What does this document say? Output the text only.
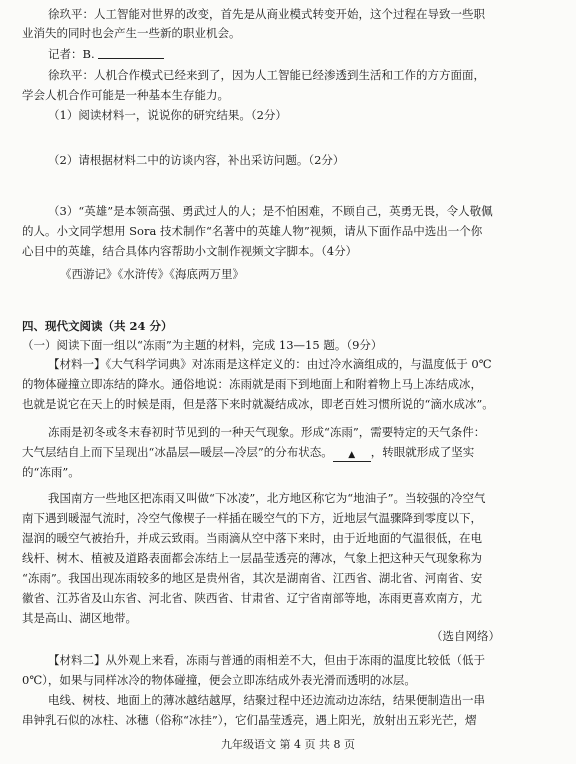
徐玖平：人工智能对世界的改变，首先是从商业模式转变开始，这个过程在导致一些职
业消失的同时也会产生一些新的职业机会。
记者：B.
徐玖平：人机合作模式已经来到了，因为人工智能已经渗透到生活和工作的方方面面，
学会人机合作可能是一种基本生存能力。
（1）阅读材料一，说说你的研究结果。（2分）
（2）请根据材料二中的访谈内容，补出采访问题。（2分）
（3）“英雄”是本领高强、勇武过人的人；是不怕困难，不顾自己，英勇无畏，令人敬佩
的人。小文同学想用 Sora 技术制作“名著中的英雄人物”视频，请从下面作品中选出一个你
心目中的英雄，结合具体内容帮助小文制作视频文字脚本。（4分）
《西游记》《水浒传》《海底两万里》
四、现代文阅读（共 24 分）
（一）阅读下面一组以“冻雨”为主题的材料，完成 13—15 题。（9分）
【材料一】《大气科学词典》对冻雨是这样定义的：由过冷水滴组成的，与温度低于 0℃
的物体碰撞立即冻结的降水。通俗地说：冻雨就是雨下到地面上和附着物上马上冻结成冰，
也就是说它在天上的时候是雨，但是落下来时就凝结成冰，即老百姓习惯所说的“滴水成冰”。
冻雨是初冬或冬末春初时节见到的一种天气现象。形成“冻雨”，需要特定的天气条件：
大气层结自上而下呈现出“冰晶层—暖层—冷层”的分布状态。 ▲ ，转眼就形成了坚实
的“冻雨”。
我国南方一些地区把冻雨又叫做“下冰凌”，北方地区称它为“地油子”。当较强的冷空气
南下遇到暖湿气流时，冷空气像楔子一样插在暖空气的下方，近地层气温骤降到零度以下，
湿润的暖空气被抬升，并成云致雨。当雨滴从空中落下来时，由于近地面的气温很低，在电
线杆、树木、植被及道路表面都会冻结上一层晶莹透亮的薄冰，气象上把这种天气现象称为
“冻雨”。我国出现冻雨较多的地区是贵州省，其次是湖南省、江西省、湖北省、河南省、安
徽省、江苏省及山东省、河北省、陕西省、甘肃省、辽宁省南部等地，冻雨更喜欢南方，尤
其是高山、湖区地带。
（选自网络）
【材料二】从外观上来看，冻雨与普通的雨相差不大，但由于冻雨的温度比较低（低于
0℃），如果与同样冰冷的物体碰撞，便会立即冻结成外表光滑而透明的冰层。
电线、树枝、地面上的薄冰越结越厚，结聚过程中还边流动边冻结，结果便制造出一串
串钟乳石似的冰柱、冰穗（俗称“冰挂”），它们晶莹透亮，遇上阳光，放射出五彩光芒，熠
九年级语文 第 4 页 共 8 页
